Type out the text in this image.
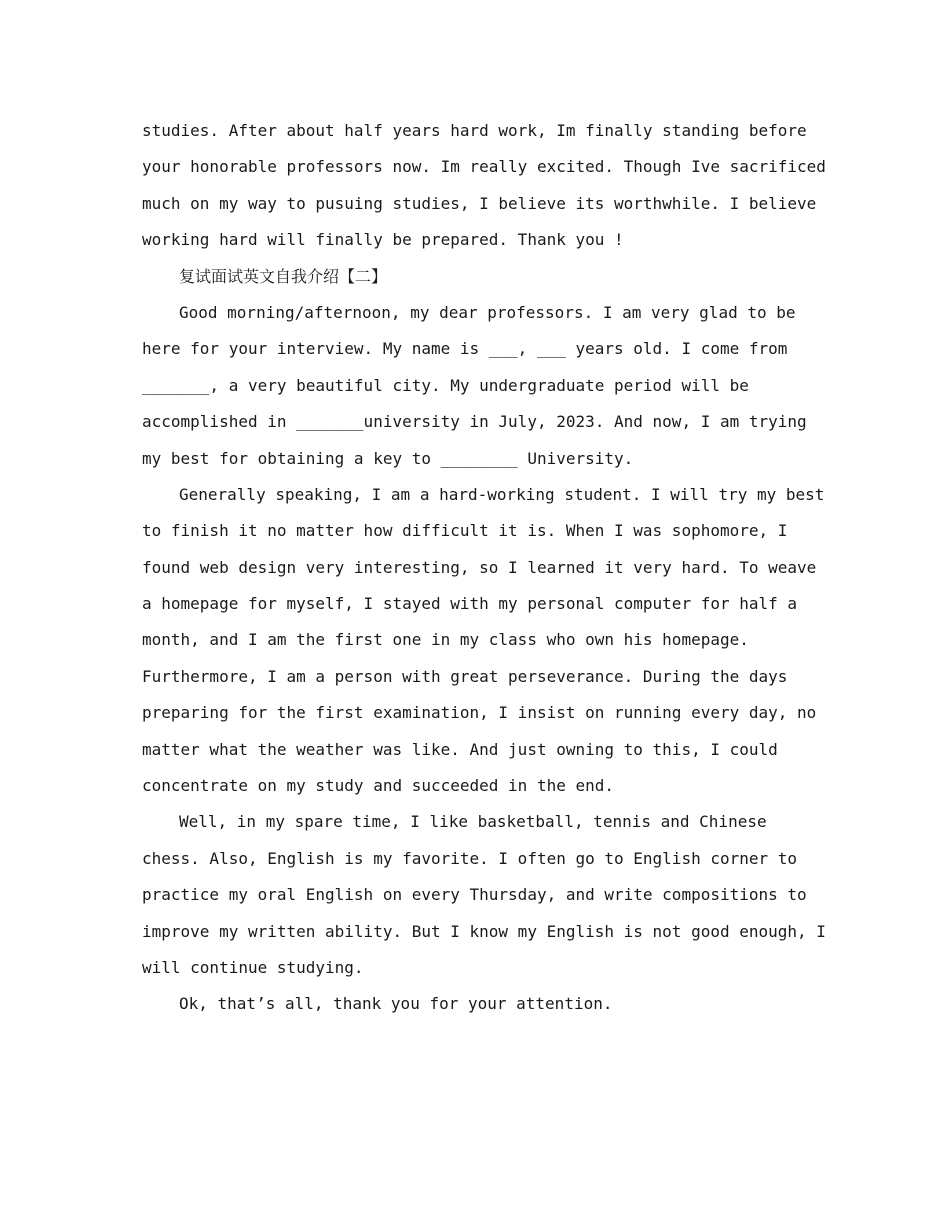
studies. After about half years hard work, Im finally standing before
your honorable professors now. Im really excited. Though Ive sacrificed
much on my way to pusuing studies, I believe its worthwhile. I believe
working hard will finally be prepared. Thank you !
复试面试英文自我介绍【二】
Good morning/afternoon, my dear professors. I am very glad to be
here for your interview. My name is ___, ___ years old. I come from
_______, a very beautiful city. My undergraduate period will be
accomplished in _______university in July, 2023. And now, I am trying
my best for obtaining a key to ________ University.
Generally speaking, I am a hard-working student. I will try my best
to finish it no matter how difficult it is. When I was sophomore, I
found web design very interesting, so I learned it very hard. To weave
a homepage for myself, I stayed with my personal computer for half a
month, and I am the first one in my class who own his homepage.
Furthermore, I am a person with great perseverance. During the days
preparing for the first examination, I insist on running every day, no
matter what the weather was like. And just owning to this, I could
concentrate on my study and succeeded in the end.
Well, in my spare time, I like basketball, tennis and Chinese
chess. Also, English is my favorite. I often go to English corner to
practice my oral English on every Thursday, and write compositions to
improve my written ability. But I know my English is not good enough, I
will continue studying.
Ok, that’s all, thank you for your attention.
